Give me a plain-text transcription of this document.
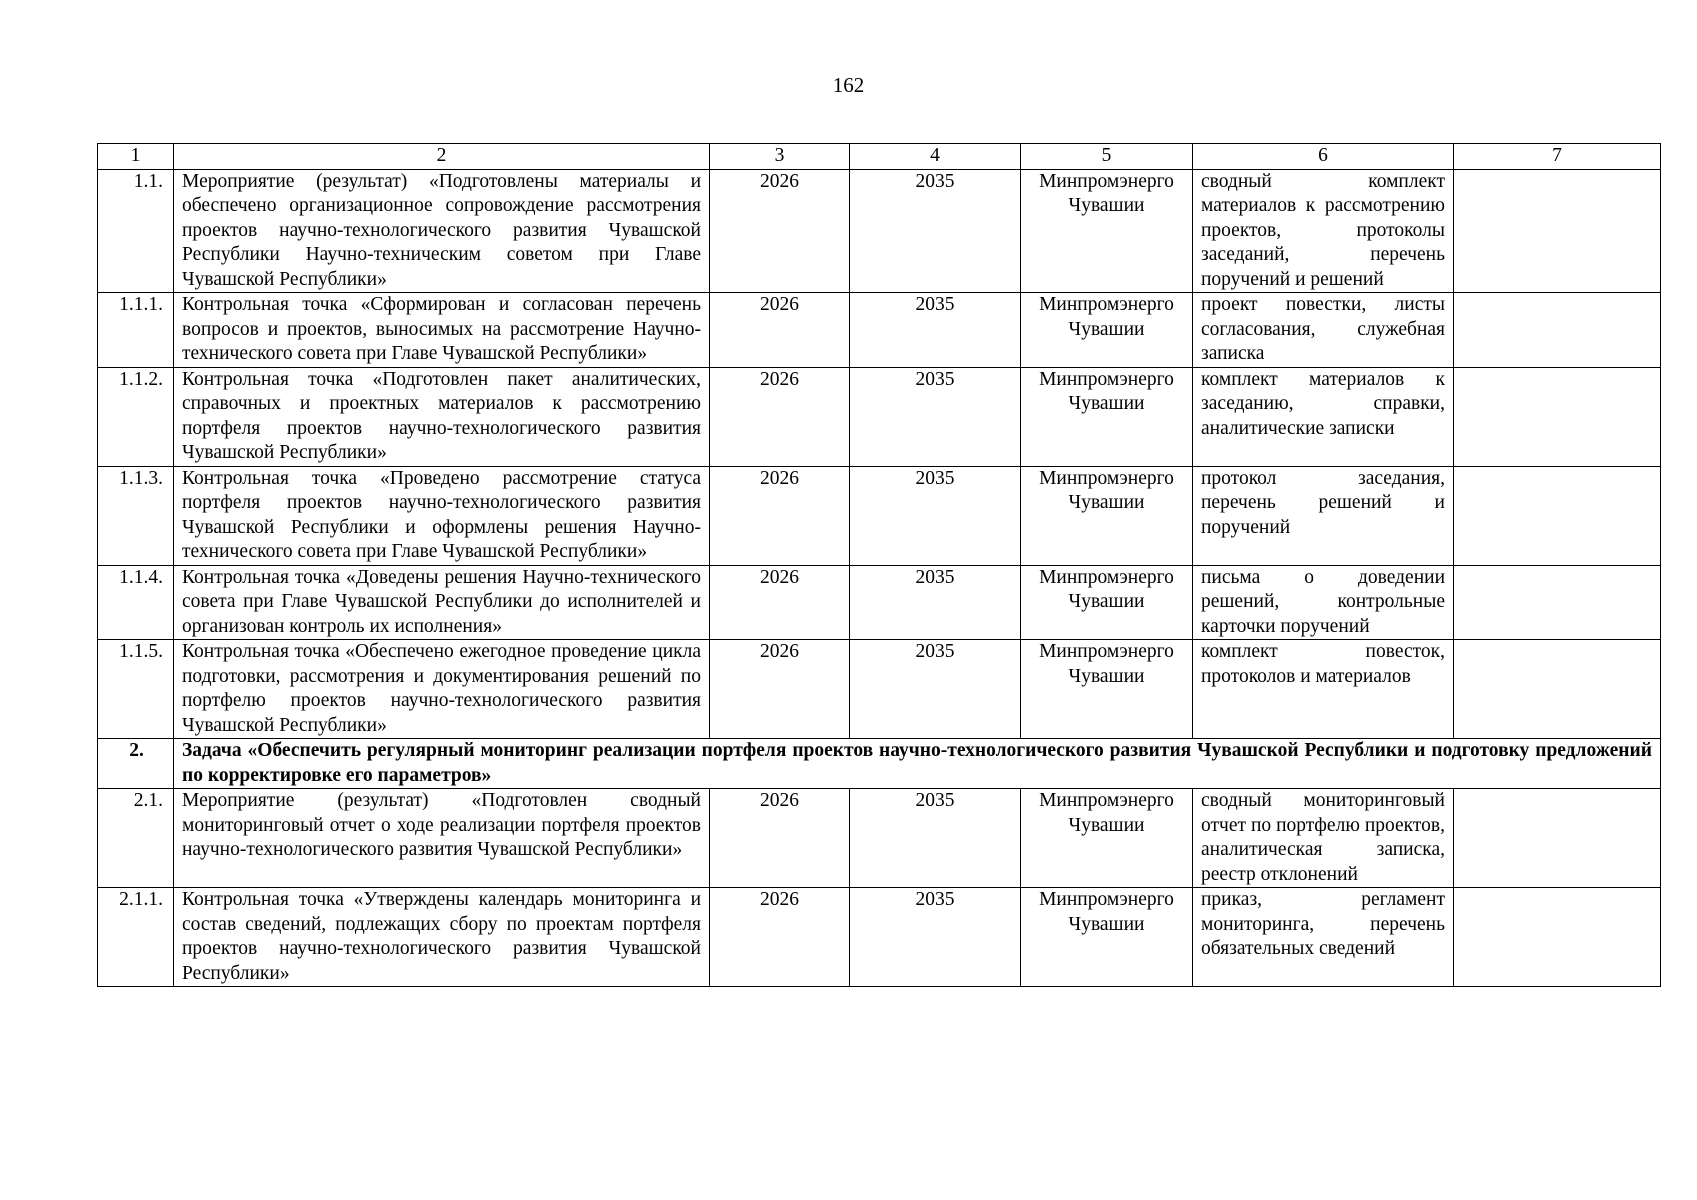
162
1	2	3	4	5	6	7
1.1.	Мероприятие (результат) «Подготовлены материалы и обеспечено организационное сопровождение рассмотрения проектов научно-технологического развития Чувашской Республики Научно-техническим советом при Главе Чувашской Республики»	2026	2035	Минпромэнерго Чувашии	сводный комплект материалов к рассмотрению проектов, протоколы заседаний, перечень поручений и решений	
1.1.1.	Контрольная точка «Сформирован и согласован перечень вопросов и проектов, выносимых на рассмотрение Научно-технического совета при Главе Чувашской Республики»	2026	2035	Минпромэнерго Чувашии	проект повестки, листы согласования, служебная записка	
1.1.2.	Контрольная точка «Подготовлен пакет аналитических, справочных и проектных материалов к рассмотрению портфеля проектов научно-технологического развития Чувашской Республики»	2026	2035	Минпромэнерго Чувашии	комплект материалов к заседанию, справки, аналитические записки	
1.1.3.	Контрольная точка «Проведено рассмотрение статуса портфеля проектов научно-технологического развития Чувашской Республики и оформлены решения Научно-технического совета при Главе Чувашской Республики»	2026	2035	Минпромэнерго Чувашии	протокол заседания, перечень решений и поручений	
1.1.4.	Контрольная точка «Доведены решения Научно-технического совета при Главе Чувашской Республики до исполнителей и организован контроль их исполнения»	2026	2035	Минпромэнерго Чувашии	письма о доведении решений, контрольные карточки поручений	
1.1.5.	Контрольная точка «Обеспечено ежегодное проведение цикла подготовки, рассмотрения и документирования решений по портфелю проектов научно-технологического развития Чувашской Республики»	2026	2035	Минпромэнерго Чувашии	комплект повесток, протоколов и материалов	
2.	Задача «Обеспечить регулярный мониторинг реализации портфеля проектов научно-технологического развития Чувашской Республики и подготовку предложений по корректировке его параметров»					
2.1.	Мероприятие (результат) «Подготовлен сводный мониторинговый отчет о ходе реализации портфеля проектов научно-технологического развития Чувашской Республики»	2026	2035	Минпромэнерго Чувашии	сводный мониторинговый отчет по портфелю проектов, аналитическая записка, реестр отклонений	
2.1.1.	Контрольная точка «Утверждены календарь мониторинга и состав сведений, подлежащих сбору по проектам портфеля проектов научно-технологического развития Чувашской Республики»	2026	2035	Минпромэнерго Чувашии	приказ, регламент мониторинга, перечень обязательных сведений	
